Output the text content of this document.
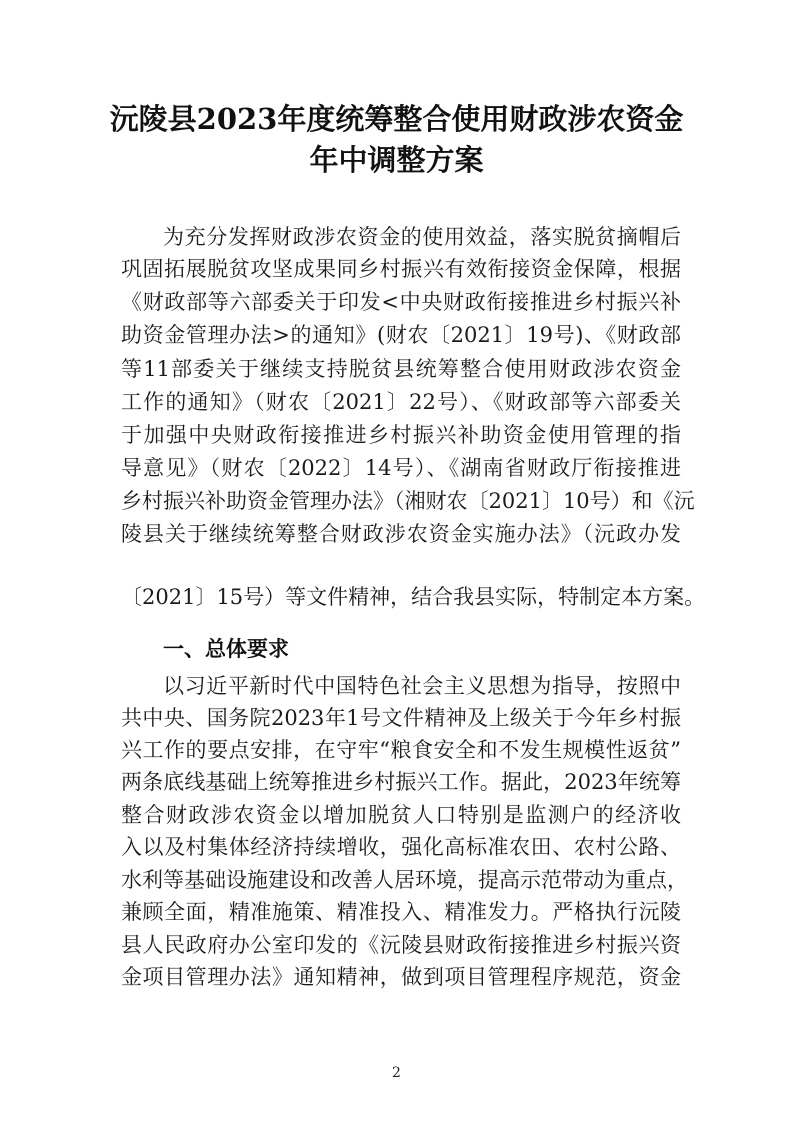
沅陵县2023年度统筹整合使用财政涉农资金
年中调整方案
为充分发挥财政涉农资金的使用效益，落实脱贫摘帽后
巩固拓展脱贫攻坚成果同乡村振兴有效衔接资金保障，根据
《财政部等六部委关于印发<中央财政衔接推进乡村振兴补
助资金管理办法>的通知》(财农〔2021〕19号)、《财政部
等11部委关于继续支持脱贫县统筹整合使用财政涉农资金
工作的通知》（财农〔2021〕22号）、《财政部等六部委关
于加强中央财政衔接推进乡村振兴补助资金使用管理的指
导意见》（财农〔2022〕14号）、《湖南省财政厅衔接推进
乡村振兴补助资金管理办法》（湘财农〔2021〕10号）和《沅
陵县关于继续统筹整合财政涉农资金实施办法》（沅政办发
〔2021〕15号）等文件精神，结合我县实际，特制定本方案。
一、总体要求
以习近平新时代中国特色社会主义思想为指导，按照中
共中央、国务院2023年1号文件精神及上级关于今年乡村振
兴工作的要点安排，在守牢“粮食安全和不发生规模性返贫”
两条底线基础上统筹推进乡村振兴工作。据此，2023年统筹
整合财政涉农资金以增加脱贫人口特别是监测户的经济收
入以及村集体经济持续增收，强化高标准农田、农村公路、
水利等基础设施建设和改善人居环境，提高示范带动为重点，
兼顾全面，精准施策、精准投入、精准发力。严格执行沅陵
县人民政府办公室印发的《沅陵县财政衔接推进乡村振兴资
金项目管理办法》通知精神，做到项目管理程序规范，资金
2
